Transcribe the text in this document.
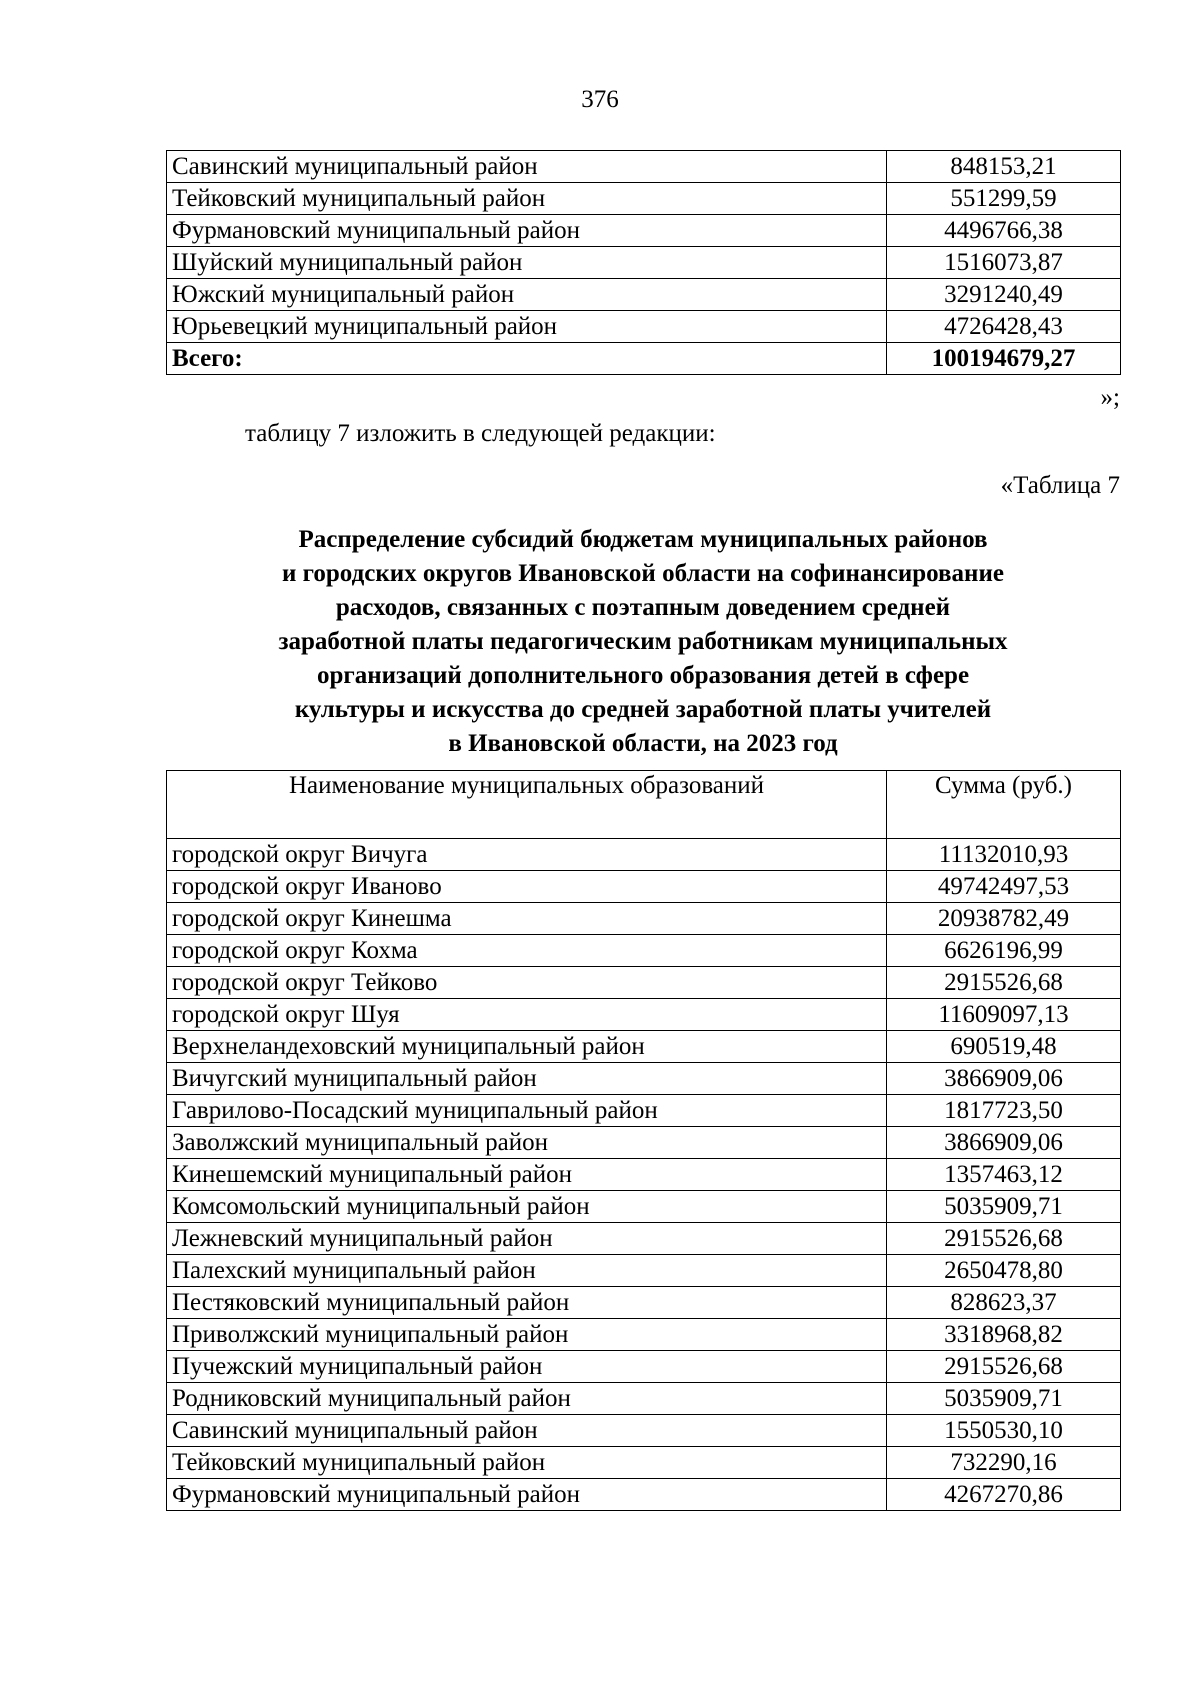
376
Савинский муниципальный район	848153,21
Тейковский муниципальный район	551299,59
Фурмановский муниципальный район	4496766,38
Шуйский муниципальный район	1516073,87
Южский муниципальный район	3291240,49
Юрьевецкий муниципальный район	4726428,43
Всего:	100194679,27
»;
таблицу 7 изложить в следующей редакции:
«Таблица 7
Распределение субсидий бюджетам муниципальных районов
и городских округов Ивановской области на софинансирование
расходов, связанных с поэтапным доведением средней
заработной платы педагогическим работникам муниципальных
организаций дополнительного образования детей в сфере
культуры и искусства до средней заработной платы учителей
в Ивановской области, на 2023 год
Наименование муниципальных образований	Сумма (руб.)
городской округ Вичуга	11132010,93
городской округ Иваново	49742497,53
городской округ Кинешма	20938782,49
городской округ Кохма	6626196,99
городской округ Тейково	2915526,68
городской округ Шуя	11609097,13
Верхнеландеховский муниципальный район	690519,48
Вичугский муниципальный район	3866909,06
Гаврилово-Посадский муниципальный район	1817723,50
Заволжский муниципальный район	3866909,06
Кинешемский муниципальный район	1357463,12
Комсомольский муниципальный район	5035909,71
Лежневский муниципальный район	2915526,68
Палехский муниципальный район	2650478,80
Пестяковский муниципальный район	828623,37
Приволжский муниципальный район	3318968,82
Пучежский муниципальный район	2915526,68
Родниковский муниципальный район	5035909,71
Савинский муниципальный район	1550530,10
Тейковский муниципальный район	732290,16
Фурмановский муниципальный район	4267270,86
